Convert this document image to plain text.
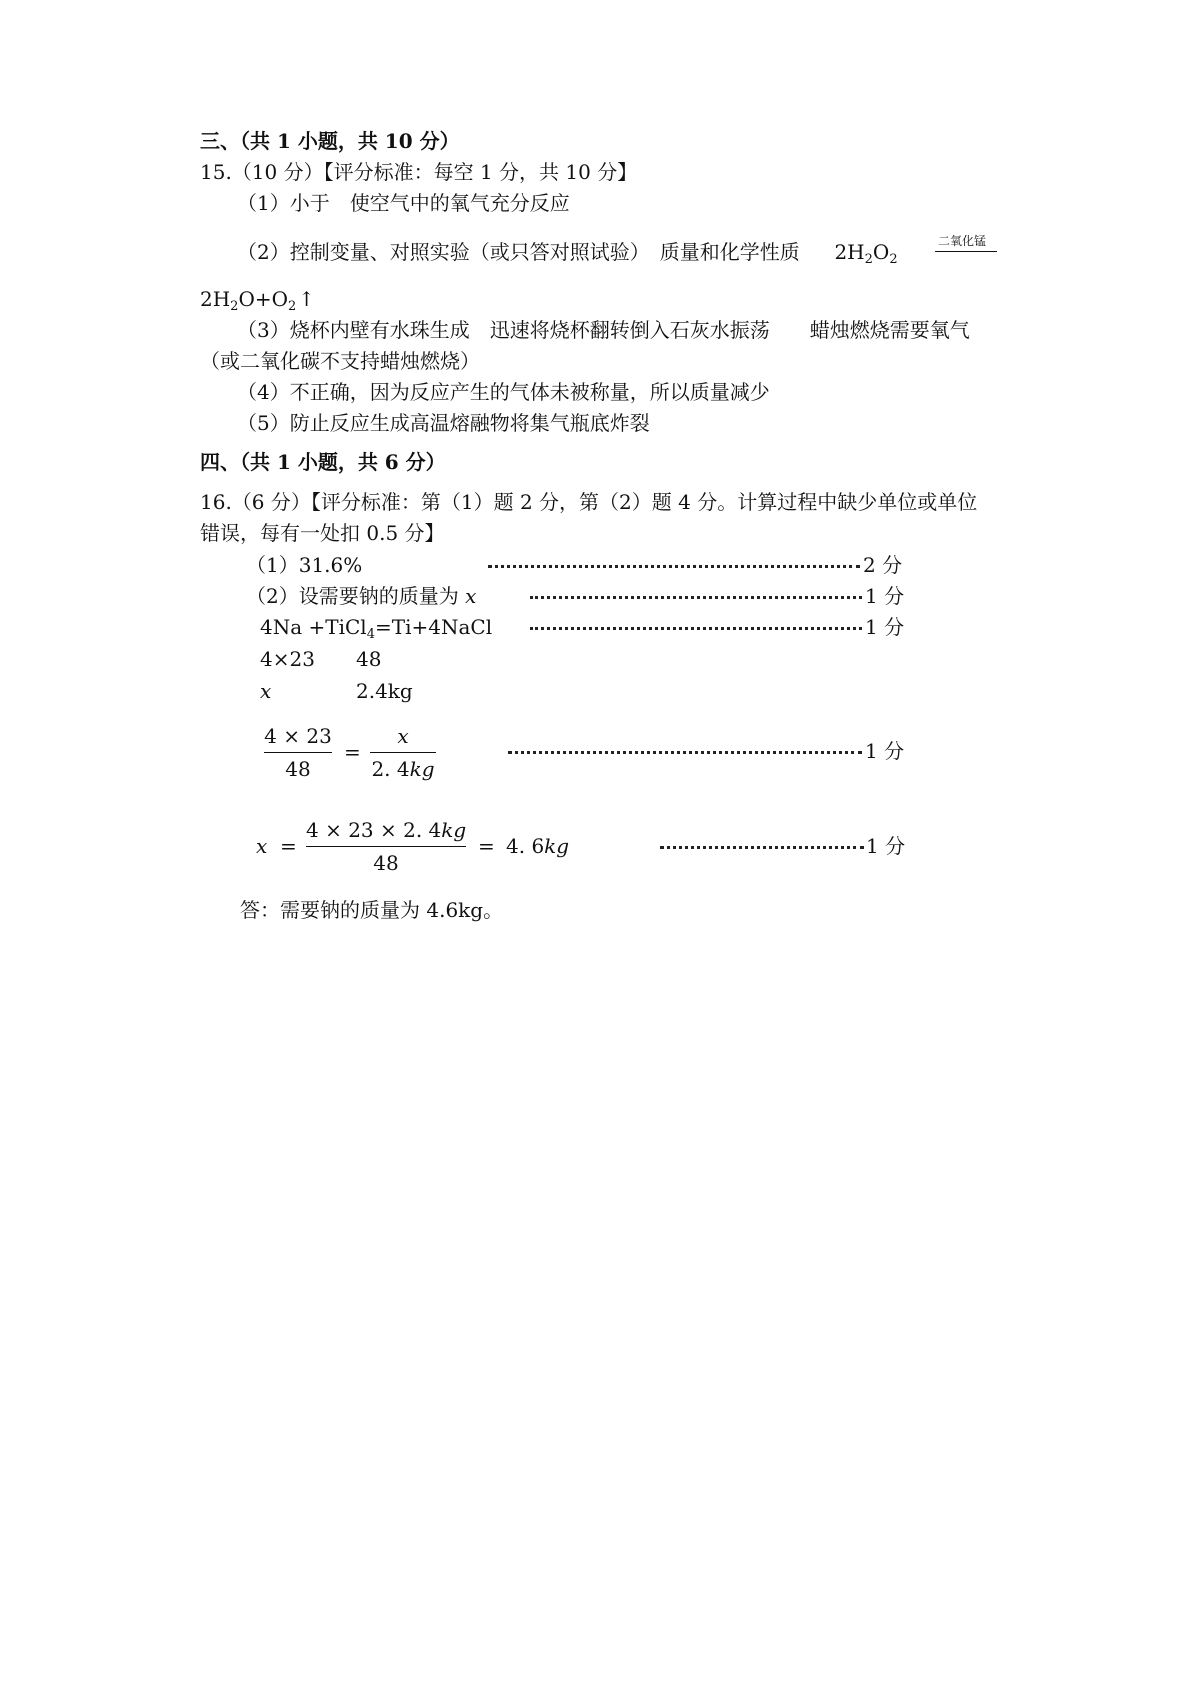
三、（共 1 小题，共 10 分）
15.（10 分）【评分标准：每空 1 分，共 10 分】
（1）小于　使空气中的氧气充分反应
（2）控制变量、对照实验（或只答对照试验）　质量和化学性质 $2H_2O_2$
二氧化锰
$2H_2O+O_2$ ↑
（3）烧杯内壁有水珠生成　迅速将烧杯翻转倒入石灰水振荡　　蜡烛燃烧需要氧气
（或二氧化碳不支持蜡烛燃烧）
（4）不正确，因为反应产生的气体未被称量，所以质量减少
（5）防止反应生成高温熔融物将集气瓶底炸裂
四、（共 1 小题，共 6 分）
16.（6 分）【评分标准：第（1）题 2 分，第（2）题 4 分。计算过程中缺少单位或单位
错误，每有一处扣 0.5 分】
（1）31.6%	2 分
（2）设需要钠的质量为 x	1 分
4Na +TiCl$_4$=Ti+4NaCl	1 分
4×23 48
x	2.4kg
4 × 23
48
=
x
2. 4kg
1 分
x =
4 × 23 × 2. 4kg
48
= 4. 6kg	1 分
答：需要钠的质量为 4.6kg。
